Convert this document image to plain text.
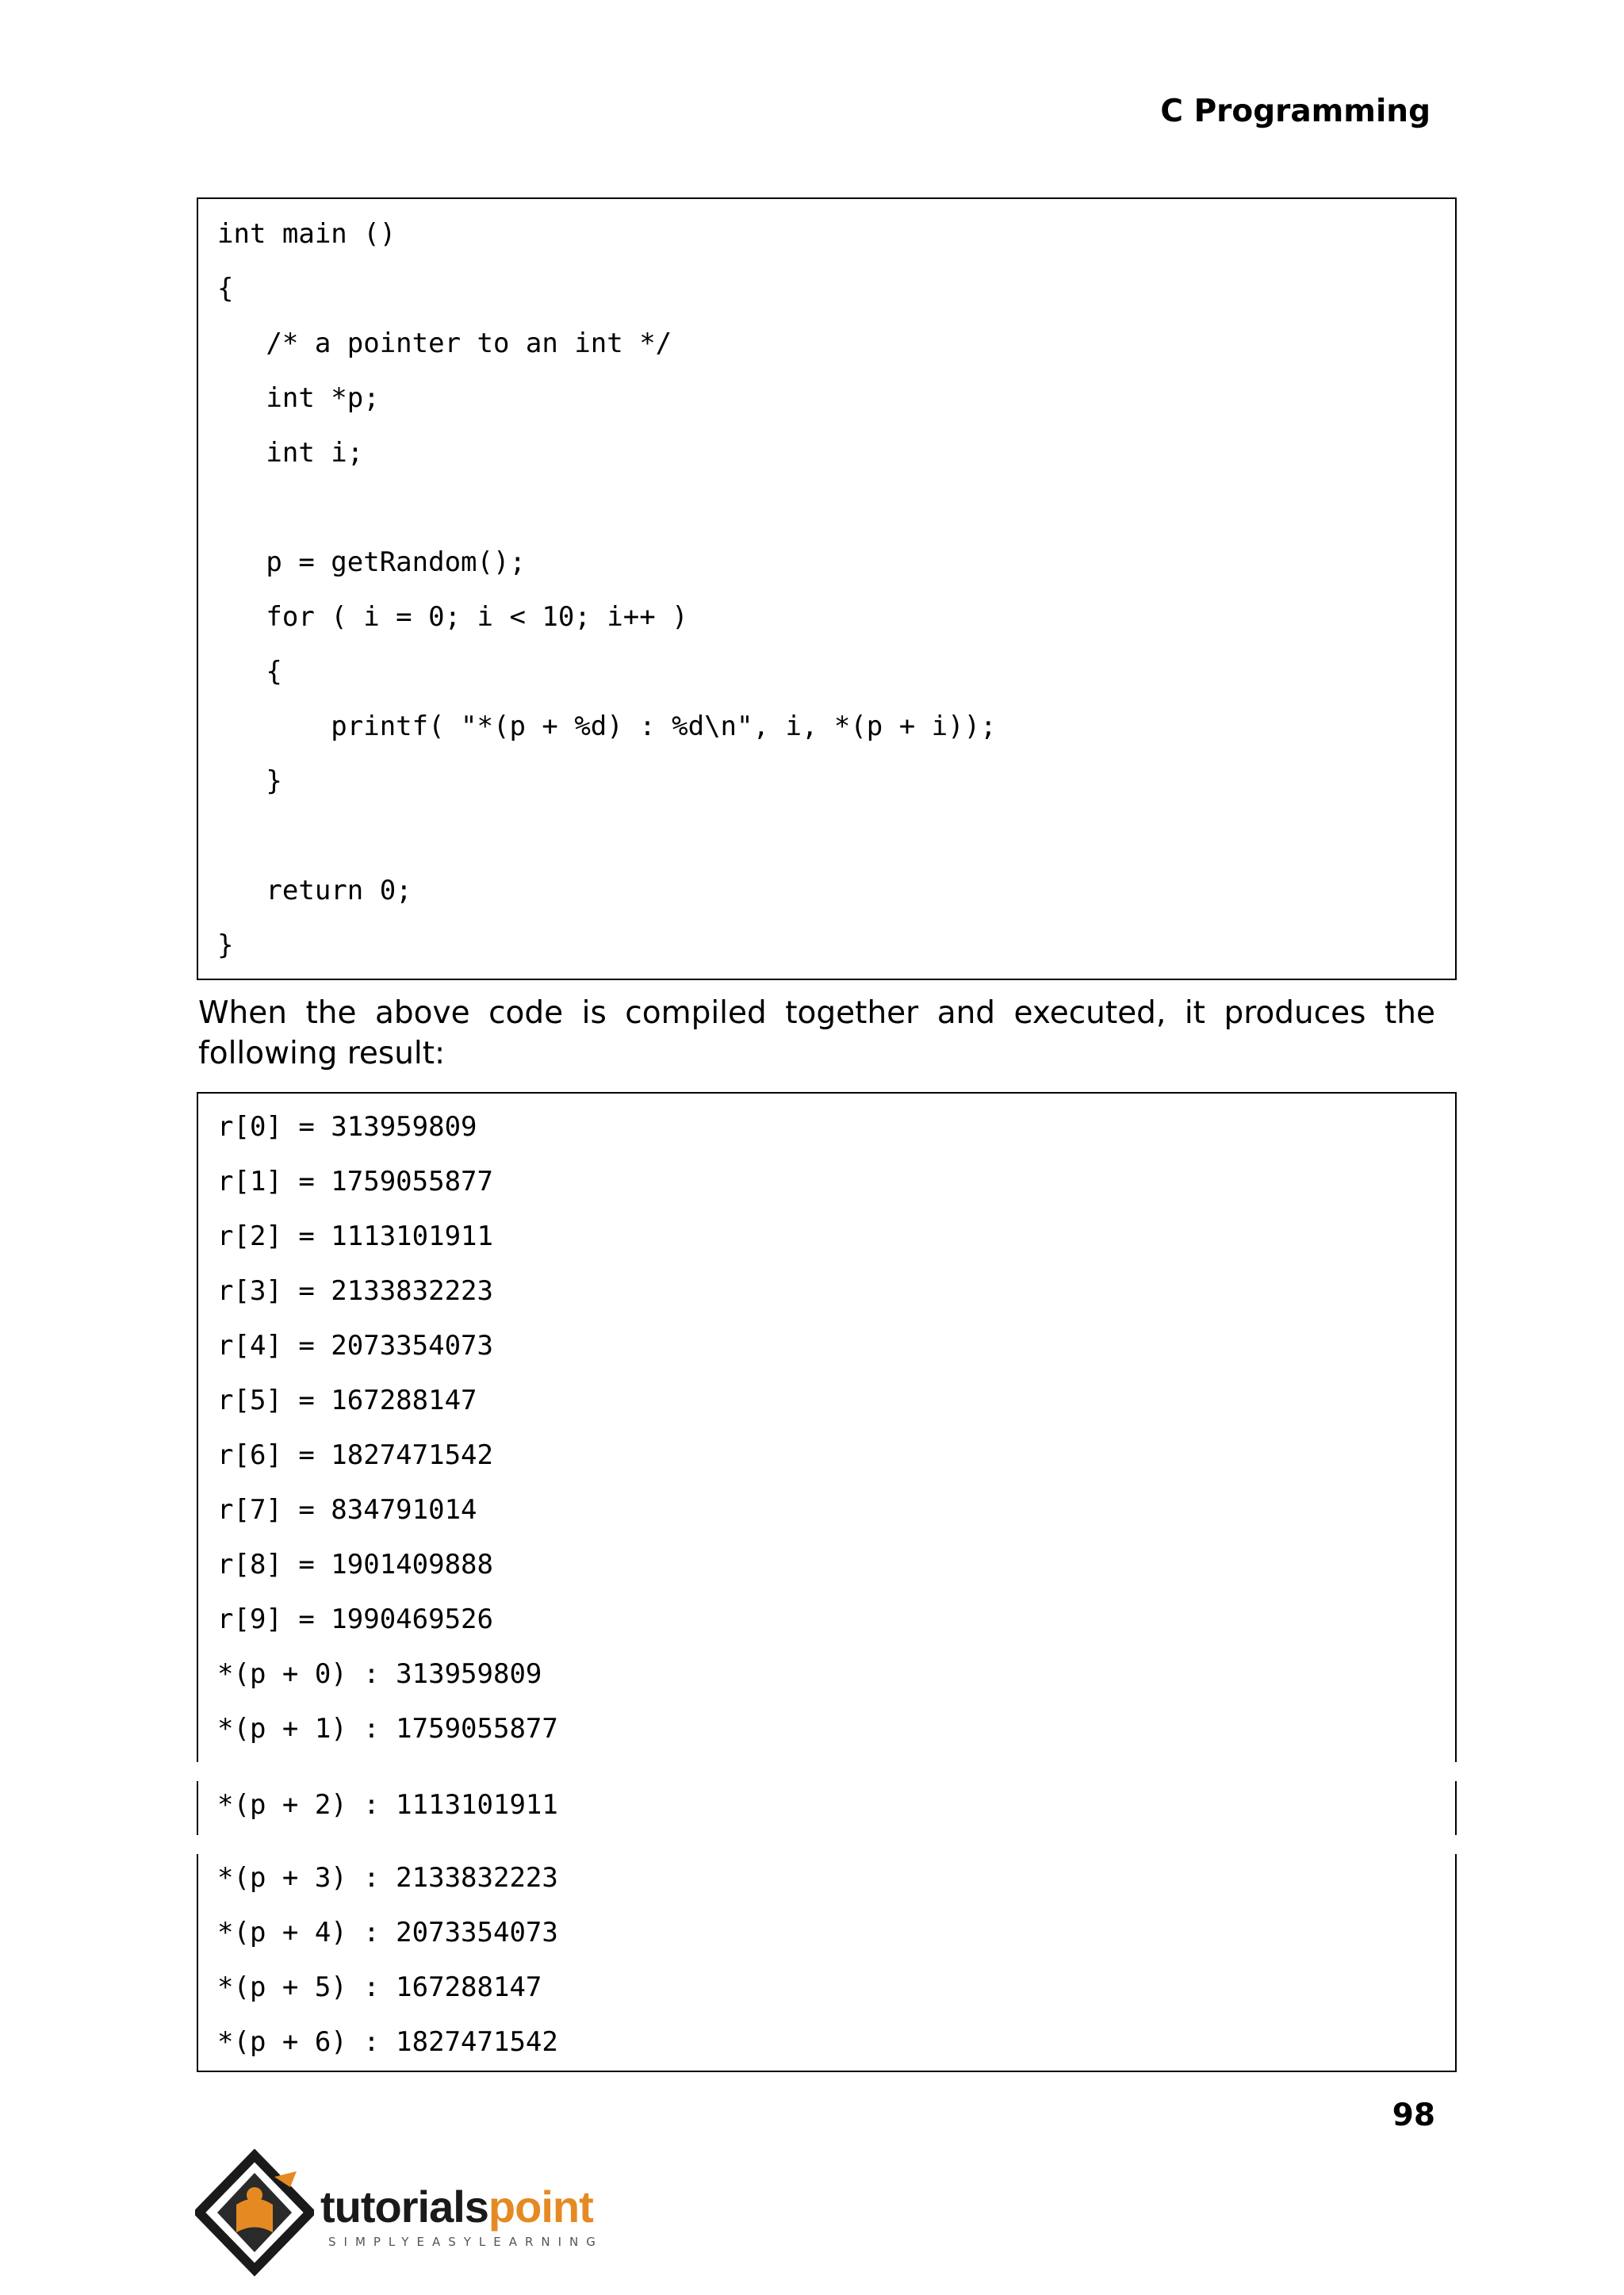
C Programming
int main ()
{
/* a pointer to an int */
int *p;
int i;
p = getRandom();
for ( i = 0; i < 10; i++ )
{
printf( "*(p + %d) : %d\n", i, *(p + i));
}
return 0;
}
When the above code is compiled together and executed, it produces the following result:
r[0] = 313959809
r[1] = 1759055877
r[2] = 1113101911
r[3] = 2133832223
r[4] = 2073354073
r[5] = 167288147
r[6] = 1827471542
r[7] = 834791014
r[8] = 1901409888
r[9] = 1990469526
*(p + 0) : 313959809
*(p + 1) : 1759055877
*(p + 2) : 1113101911
*(p + 3) : 2133832223
*(p + 4) : 2073354073
*(p + 5) : 167288147
*(p + 6) : 1827471542
98
tutorialspoint
SIMPLYEASYLEARNING
